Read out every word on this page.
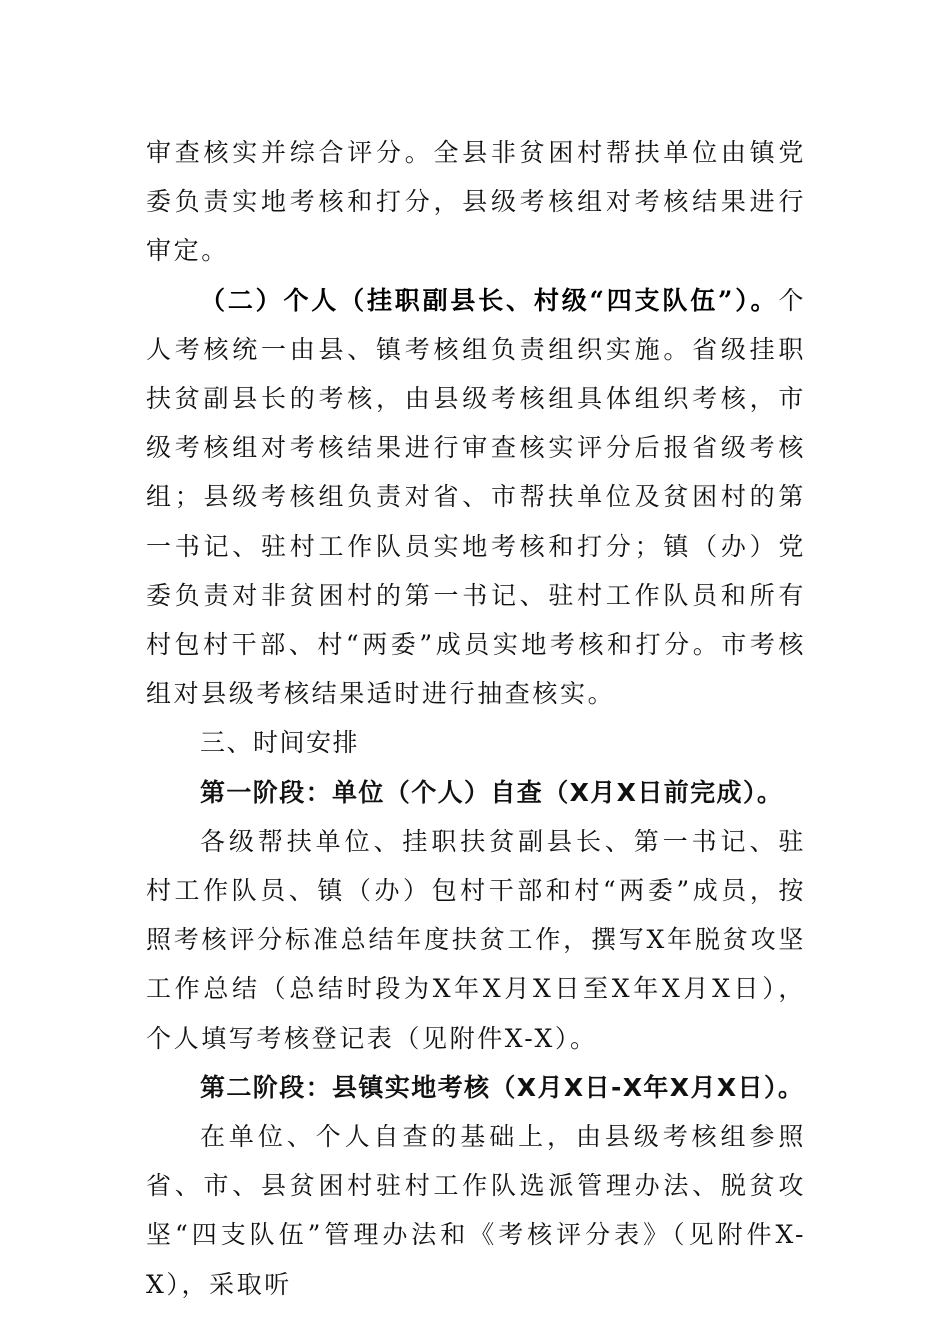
审查核实并综合评分。全县非贫困村帮扶单位由镇党委负责实地考核和打分，县级考核组对考核结果进行审定。

（二）个人（挂职副县长、村级“四支队伍”）。个人考核统一由县、镇考核组负责组织实施。省级挂职扶贫副县长的考核，由县级考核组具体组织考核，市级考核组对考核结果进行审查核实评分后报省级考核组；县级考核组负责对省、市帮扶单位及贫困村的第一书记、驻村工作队员实地考核和打分；镇（办）党委负责对非贫困村的第一书记、驻村工作队员和所有村包村干部、村“两委”成员实地考核和打分。市考核组对县级考核结果适时进行抽查核实。

三、时间安排

第一阶段：单位（个人）自查（X月X日前完成）。

各级帮扶单位、挂职扶贫副县长、第一书记、驻村工作队员、镇（办）包村干部和村“两委”成员，按照考核评分标准总结年度扶贫工作，撰写X年脱贫攻坚工作总结（总结时段为X年X月X日至X年X月X日），个人填写考核登记表（见附件X-X）。

第二阶段：县镇实地考核（X月X日-X年X月X日）。

在单位、个人自查的基础上，由县级考核组参照省、市、县贫困村驻村工作队选派管理办法、脱贫攻坚“四支队伍”管理办法和《考核评分表》（见附件X-X），采取听
